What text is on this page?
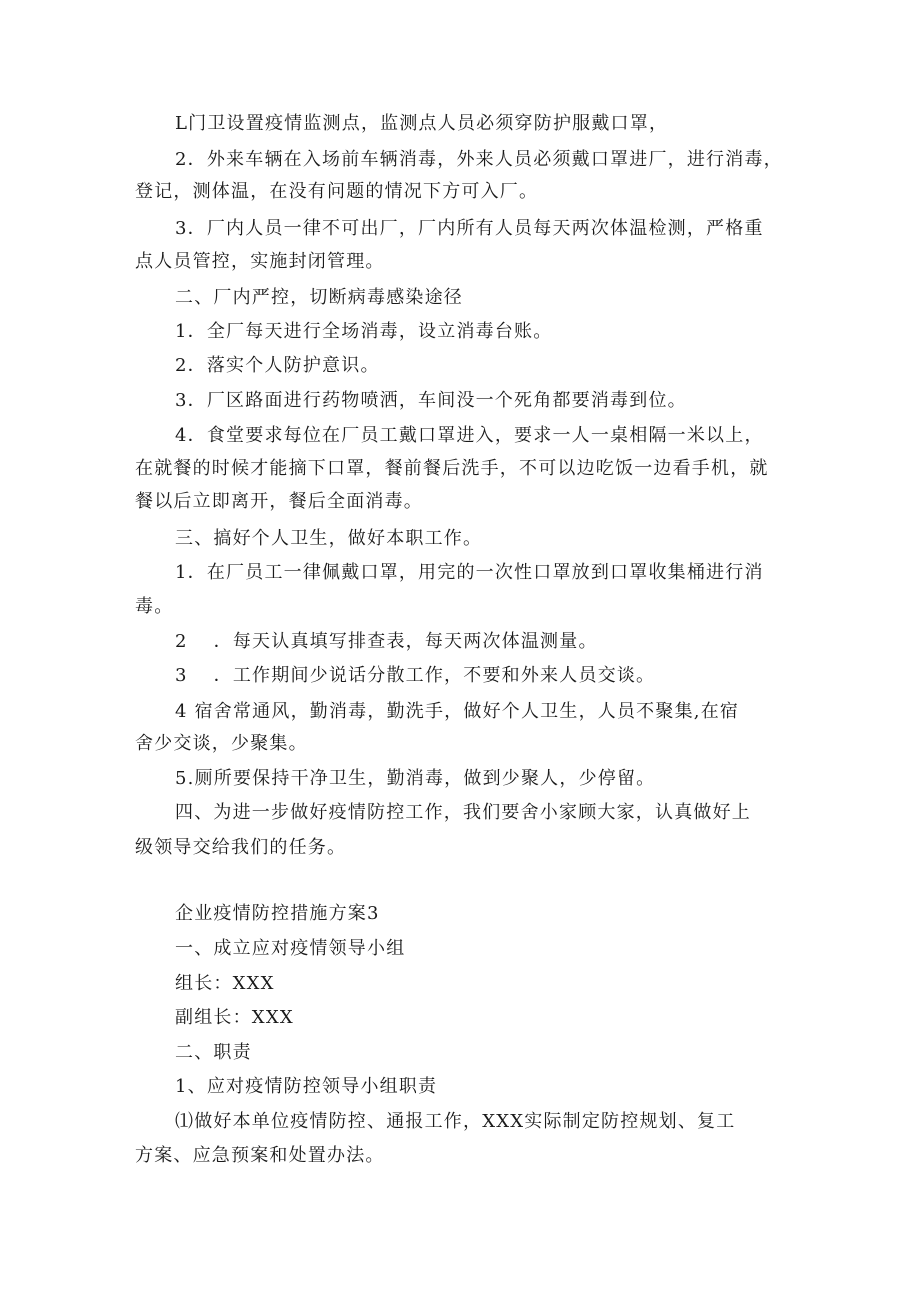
L门卫设置疫情监测点，监测点人员必须穿防护服戴口罩，
2．外来车辆在入场前车辆消毒，外来人员必须戴口罩进厂，进行消毒，
登记，测体温，在没有问题的情况下方可入厂。
3．厂内人员一律不可出厂，厂内所有人员每天两次体温检测，严格重
点人员管控，实施封闭管理。
二、厂内严控，切断病毒感染途径
1．全厂每天进行全场消毒，设立消毒台账。
2．落实个人防护意识。
3．厂区路面进行药物喷洒，车间没一个死角都要消毒到位。
4．食堂要求每位在厂员工戴口罩进入，要求一人一桌相隔一米以上，
在就餐的时候才能摘下口罩，餐前餐后洗手，不可以边吃饭一边看手机，就
餐以后立即离开，餐后全面消毒。
三、搞好个人卫生，做好本职工作。
1．在厂员工一律佩戴口罩，用完的一次性口罩放到口罩收集桶进行消
毒。
2 ．每天认真填写排查表，每天两次体温测量。
3 ．工作期间少说话分散工作，不要和外来人员交谈。
4 宿舍常通风，勤消毒，勤洗手，做好个人卫生，人员不聚集,在宿
舍少交谈，少聚集。
5.厕所要保持干净卫生，勤消毒，做到少聚人，少停留。
四、为进一步做好疫情防控工作，我们要舍小家顾大家，认真做好上
级领导交给我们的任务。
企业疫情防控措施方案3
一、成立应对疫情领导小组
组长：XXX
副组长：XXX
二、职责
1、应对疫情防控领导小组职责
⑴做好本单位疫情防控、通报工作，XXX实际制定防控规划、复工
方案、应急预案和处置办法。
